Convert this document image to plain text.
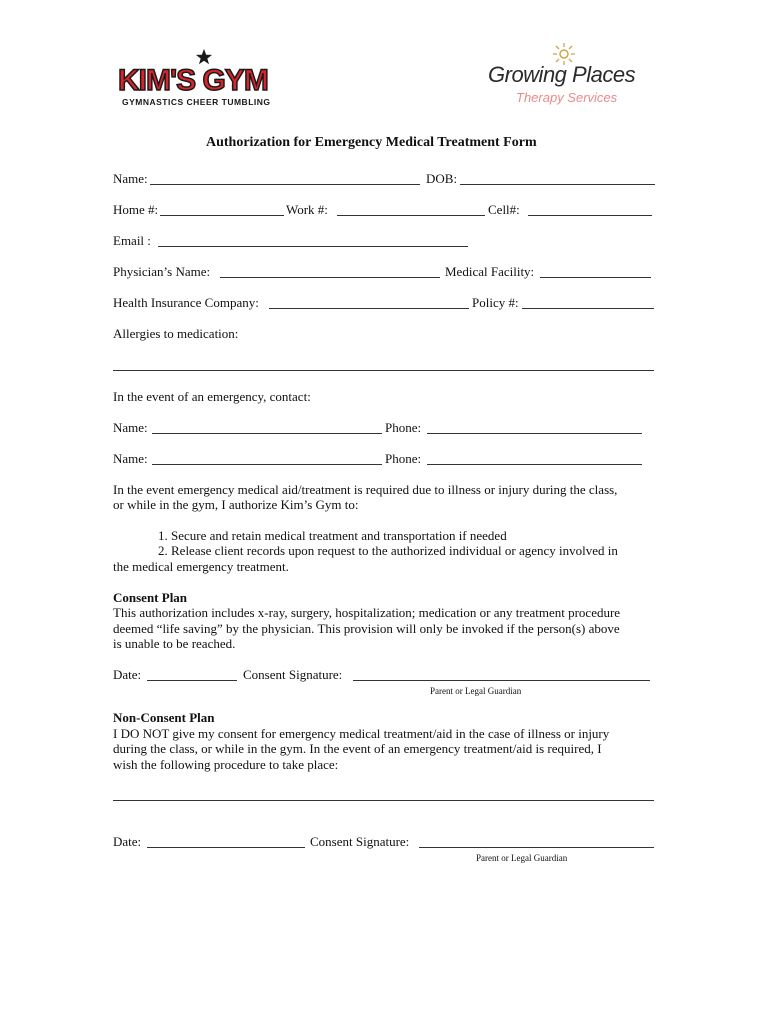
KIM'S GYM
GYMNASTICS CHEER TUMBLING
Growing Places
Therapy Services
Authorization for Emergency Medical Treatment Form
Name:	DOB:
Home #:	Work #:	Cell#:
Email :
Physician’s Name:	Medical Facility:
Health Insurance Company:	Policy #:
Allergies to medication:
In the event of an emergency, contact:
Name:	Phone:
Name:	Phone:
In the event emergency medical aid/treatment is required due to illness or injury during the class,
or while in the gym, I authorize Kim’s Gym to:
1. Secure and retain medical treatment and transportation if needed
2. Release client records upon request to the authorized individual or agency involved in
the medical emergency treatment.
Consent Plan
This authorization includes x-ray, surgery, hospitalization; medication or any treatment procedure
deemed “life saving” by the physician. This provision will only be invoked if the person(s) above
is unable to be reached.
Date:	Consent Signature:
Parent or Legal Guardian
Non-Consent Plan
I DO NOT give my consent for emergency medical treatment/aid in the case of illness or injury
during the class, or while in the gym. In the event of an emergency treatment/aid is required, I
wish the following procedure to take place:
Date:	Consent Signature:
Parent or Legal Guardian
